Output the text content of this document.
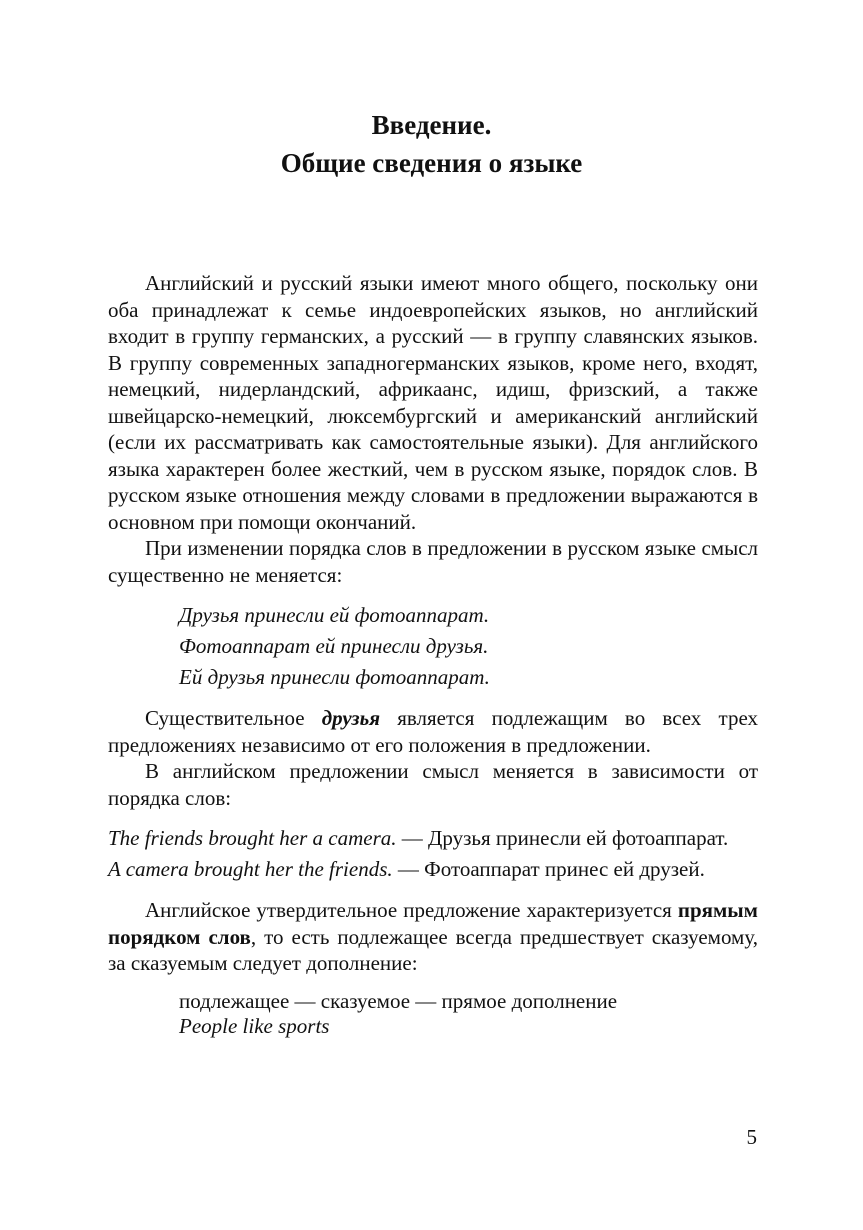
Введение.
Общие сведения о языке

Английский и русский языки имеют много общего, поскольку они оба принадлежат к семье индоевропейских языков, но английский входит в группу германских, а русский — в группу славянских языков. В группу современных западногерманских языков, кроме него, входят, немецкий, нидерландский, африкаанс, идиш, фризский, а также швейцарско-немецкий, люксембургский и американский английский (если их рассматривать как самостоятельные языки). Для английского языка характерен более жесткий, чем в русском языке, порядок слов. В русском языке отношения между словами в предложении выражаются в основном при помощи окончаний.

При изменении порядка слов в предложении в русском языке смысл существенно не меняется:

Друзья принесли ей фотоаппарат.
Фотоаппарат ей принесли друзья.
Ей друзья принесли фотоаппарат.

Существительное друзья является подлежащим во всех трех предложениях независимо от его положения в предложении.

В английском предложении смысл меняется в зависимости от порядка слов:

The friends brought her a camera. — Друзья принесли ей фотоаппарат.
A camera brought her the friends. — Фотоаппарат принес ей друзей.

Английское утвердительное предложение характеризуется прямым порядком слов, то есть подлежащее всегда предшествует сказуемому, за сказуемым следует дополнение:

подлежащее — сказуемое — прямое дополнение
People like sports
5
